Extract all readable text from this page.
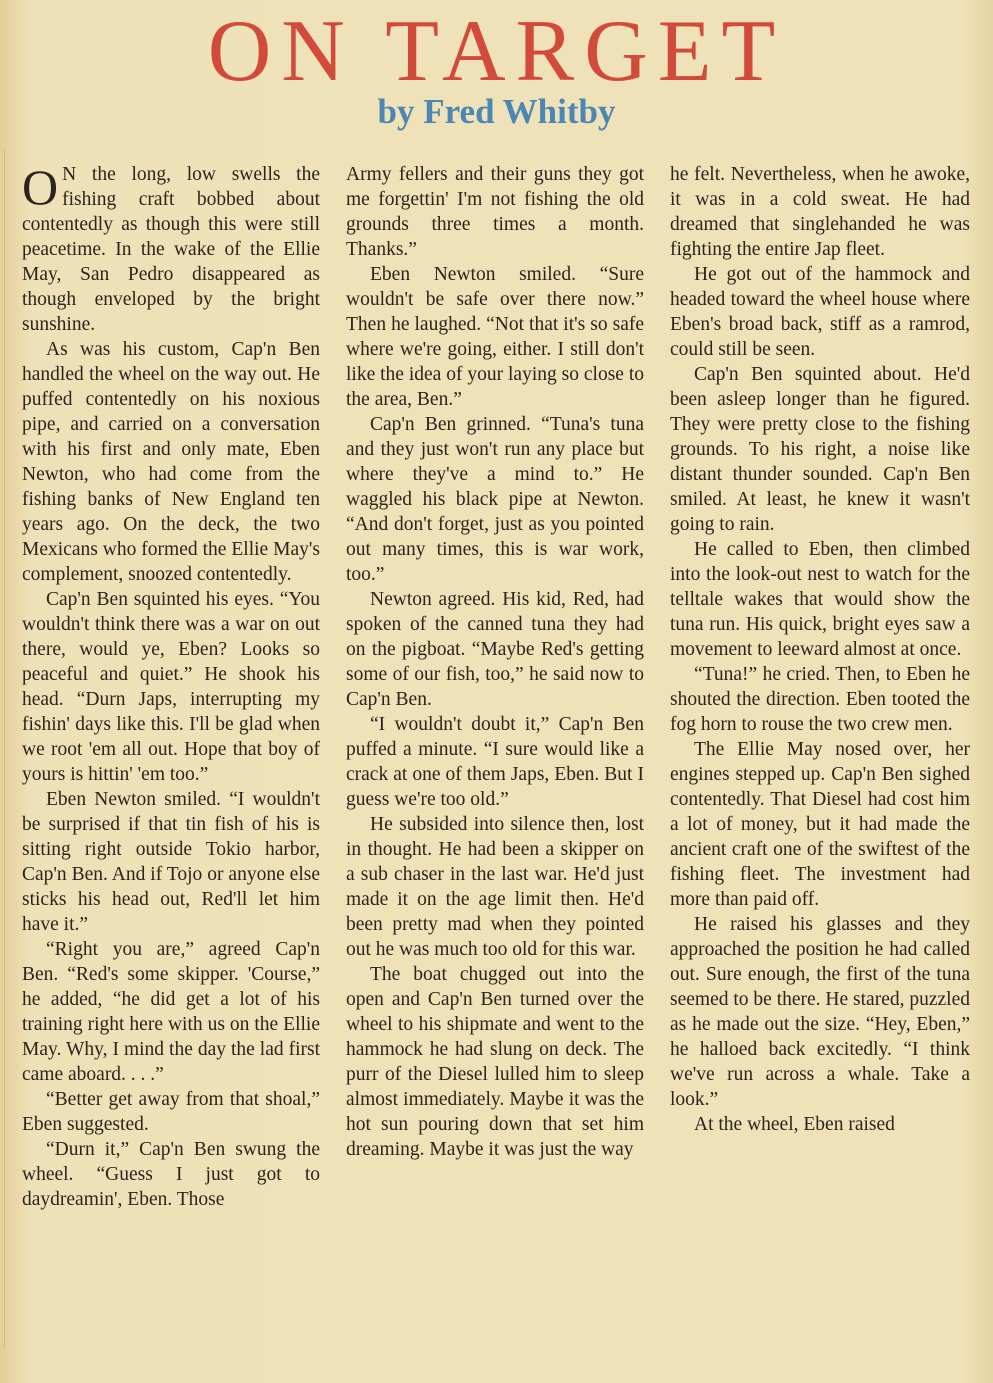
ON TARGET
by Fred Whitby

O N the long, low swells the fishing craft bobbed about contentedly as though this were still peacetime. In the wake of the Ellie May, San Pedro disappeared as though enveloped by the bright sunshine.

As was his custom, Cap'n Ben handled the wheel on the way out. He puffed contentedly on his noxious pipe, and carried on a conversation with his first and only mate, Eben Newton, who had come from the fishing banks of New England ten years ago. On the deck, the two Mexicans who formed the Ellie May's complement, snoozed contentedly.

Cap'n Ben squinted his eyes. “You wouldn't think there was a war on out there, would ye, Eben? Looks so peaceful and quiet.” He shook his head. “Durn Japs, interrupting my fishin' days like this. I'll be glad when we root 'em all out. Hope that boy of yours is hittin' 'em too.”

Eben Newton smiled. “I wouldn't be surprised if that tin fish of his is sitting right outside Tokio harbor, Cap'n Ben. And if Tojo or anyone else sticks his head out, Red'll let him have it.”

“Right you are,” agreed Cap'n Ben. “Red's some skipper. 'Course,” he added, “he did get a lot of his training right here with us on the Ellie May. Why, I mind the day the lad first came aboard. . . .”

“Better get away from that shoal,” Eben suggested.

“Durn it,” Cap'n Ben swung the wheel. “Guess I just got to daydreamin', Eben. Those

Army fellers and their guns they got me forgettin' I'm not fishing the old grounds three times a month. Thanks.”

Eben Newton smiled. “Sure wouldn't be safe over there now.” Then he laughed. “Not that it's so safe where we're going, either. I still don't like the idea of your laying so close to the area, Ben.”

Cap'n Ben grinned. “Tuna's tuna and they just won't run any place but where they've a mind to.” He waggled his black pipe at Newton. “And don't forget, just as you pointed out many times, this is war work, too.”

Newton agreed. His kid, Red, had spoken of the canned tuna they had on the pigboat. “Maybe Red's getting some of our fish, too,” he said now to Cap'n Ben.

“I wouldn't doubt it,” Cap'n Ben puffed a minute. “I sure would like a crack at one of them Japs, Eben. But I guess we're too old.”

He subsided into silence then, lost in thought. He had been a skipper on a sub chaser in the last war. He'd just made it on the age limit then. He'd been pretty mad when they pointed out he was much too old for this war.

The boat chugged out into the open and Cap'n Ben turned over the wheel to his shipmate and went to the hammock he had slung on deck. The purr of the Diesel lulled him to sleep almost immediately. Maybe it was the hot sun pouring down that set him dreaming. Maybe it was just the way

he felt. Nevertheless, when he awoke, it was in a cold sweat. He had dreamed that singlehanded he was fighting the entire Jap fleet.

He got out of the hammock and headed toward the wheel house where Eben's broad back, stiff as a ramrod, could still be seen.

Cap'n Ben squinted about. He'd been asleep longer than he figured. They were pretty close to the fishing grounds. To his right, a noise like distant thunder sounded. Cap'n Ben smiled. At least, he knew it wasn't going to rain.

He called to Eben, then climbed into the look-out nest to watch for the telltale wakes that would show the tuna run. His quick, bright eyes saw a movement to leeward almost at once.

“Tuna!” he cried. Then, to Eben he shouted the direction. Eben tooted the fog horn to rouse the two crew men.

The Ellie May nosed over, her engines stepped up. Cap'n Ben sighed contentedly. That Diesel had cost him a lot of money, but it had made the ancient craft one of the swiftest of the fishing fleet. The investment had more than paid off.

He raised his glasses and they approached the position he had called out. Sure enough, the first of the tuna seemed to be there. He stared, puzzled as he made out the size. “Hey, Eben,” he halloed back excitedly. “I think we've run across a whale. Take a look.”

At the wheel, Eben raised
